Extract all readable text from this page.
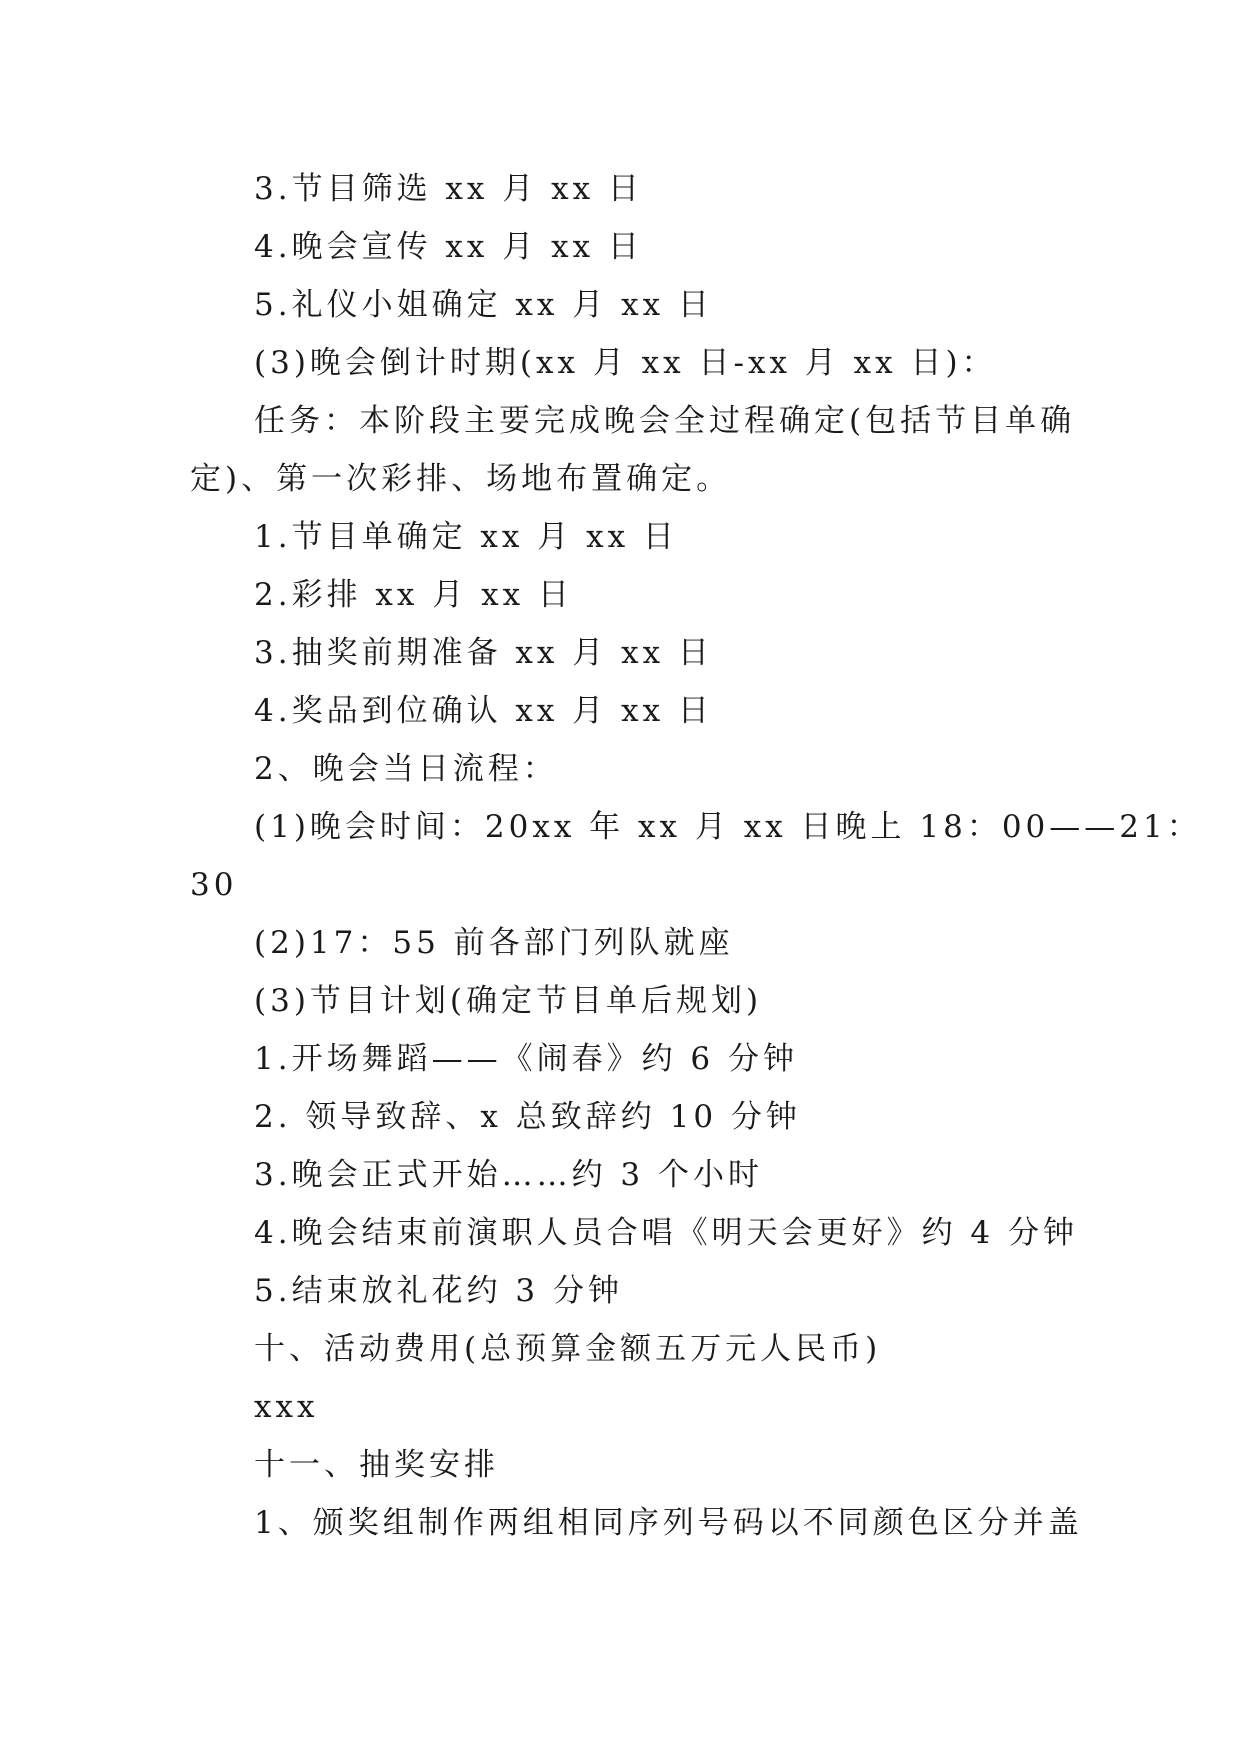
3.节目筛选 xx 月 xx 日
4.晚会宣传 xx 月 xx 日
5.礼仪小姐确定 xx 月 xx 日
(3)晚会倒计时期(xx 月 xx 日-xx 月 xx 日)：
任务：本阶段主要完成晚会全过程确定(包括节目单确
定)、第一次彩排、场地布置确定。
1.节目单确定 xx 月 xx 日
2.彩排 xx 月 xx 日
3.抽奖前期准备 xx 月 xx 日
4.奖品到位确认 xx 月 xx 日
2、晚会当日流程：
(1)晚会时间：20xx 年 xx 月 xx 日晚上 18：00——21：
30
(2)17：55 前各部门列队就座
(3)节目计划(确定节目单后规划)
1.开场舞蹈——《闹春》约 6 分钟
2. 领导致辞、x 总致辞约 10 分钟
3.晚会正式开始……约 3 个小时
4.晚会结束前演职人员合唱《明天会更好》约 4 分钟
5.结束放礼花约 3 分钟
十、活动费用(总预算金额五万元人民币)
xxx
十一、抽奖安排
1、颁奖组制作两组相同序列号码以不同颜色区分并盖
